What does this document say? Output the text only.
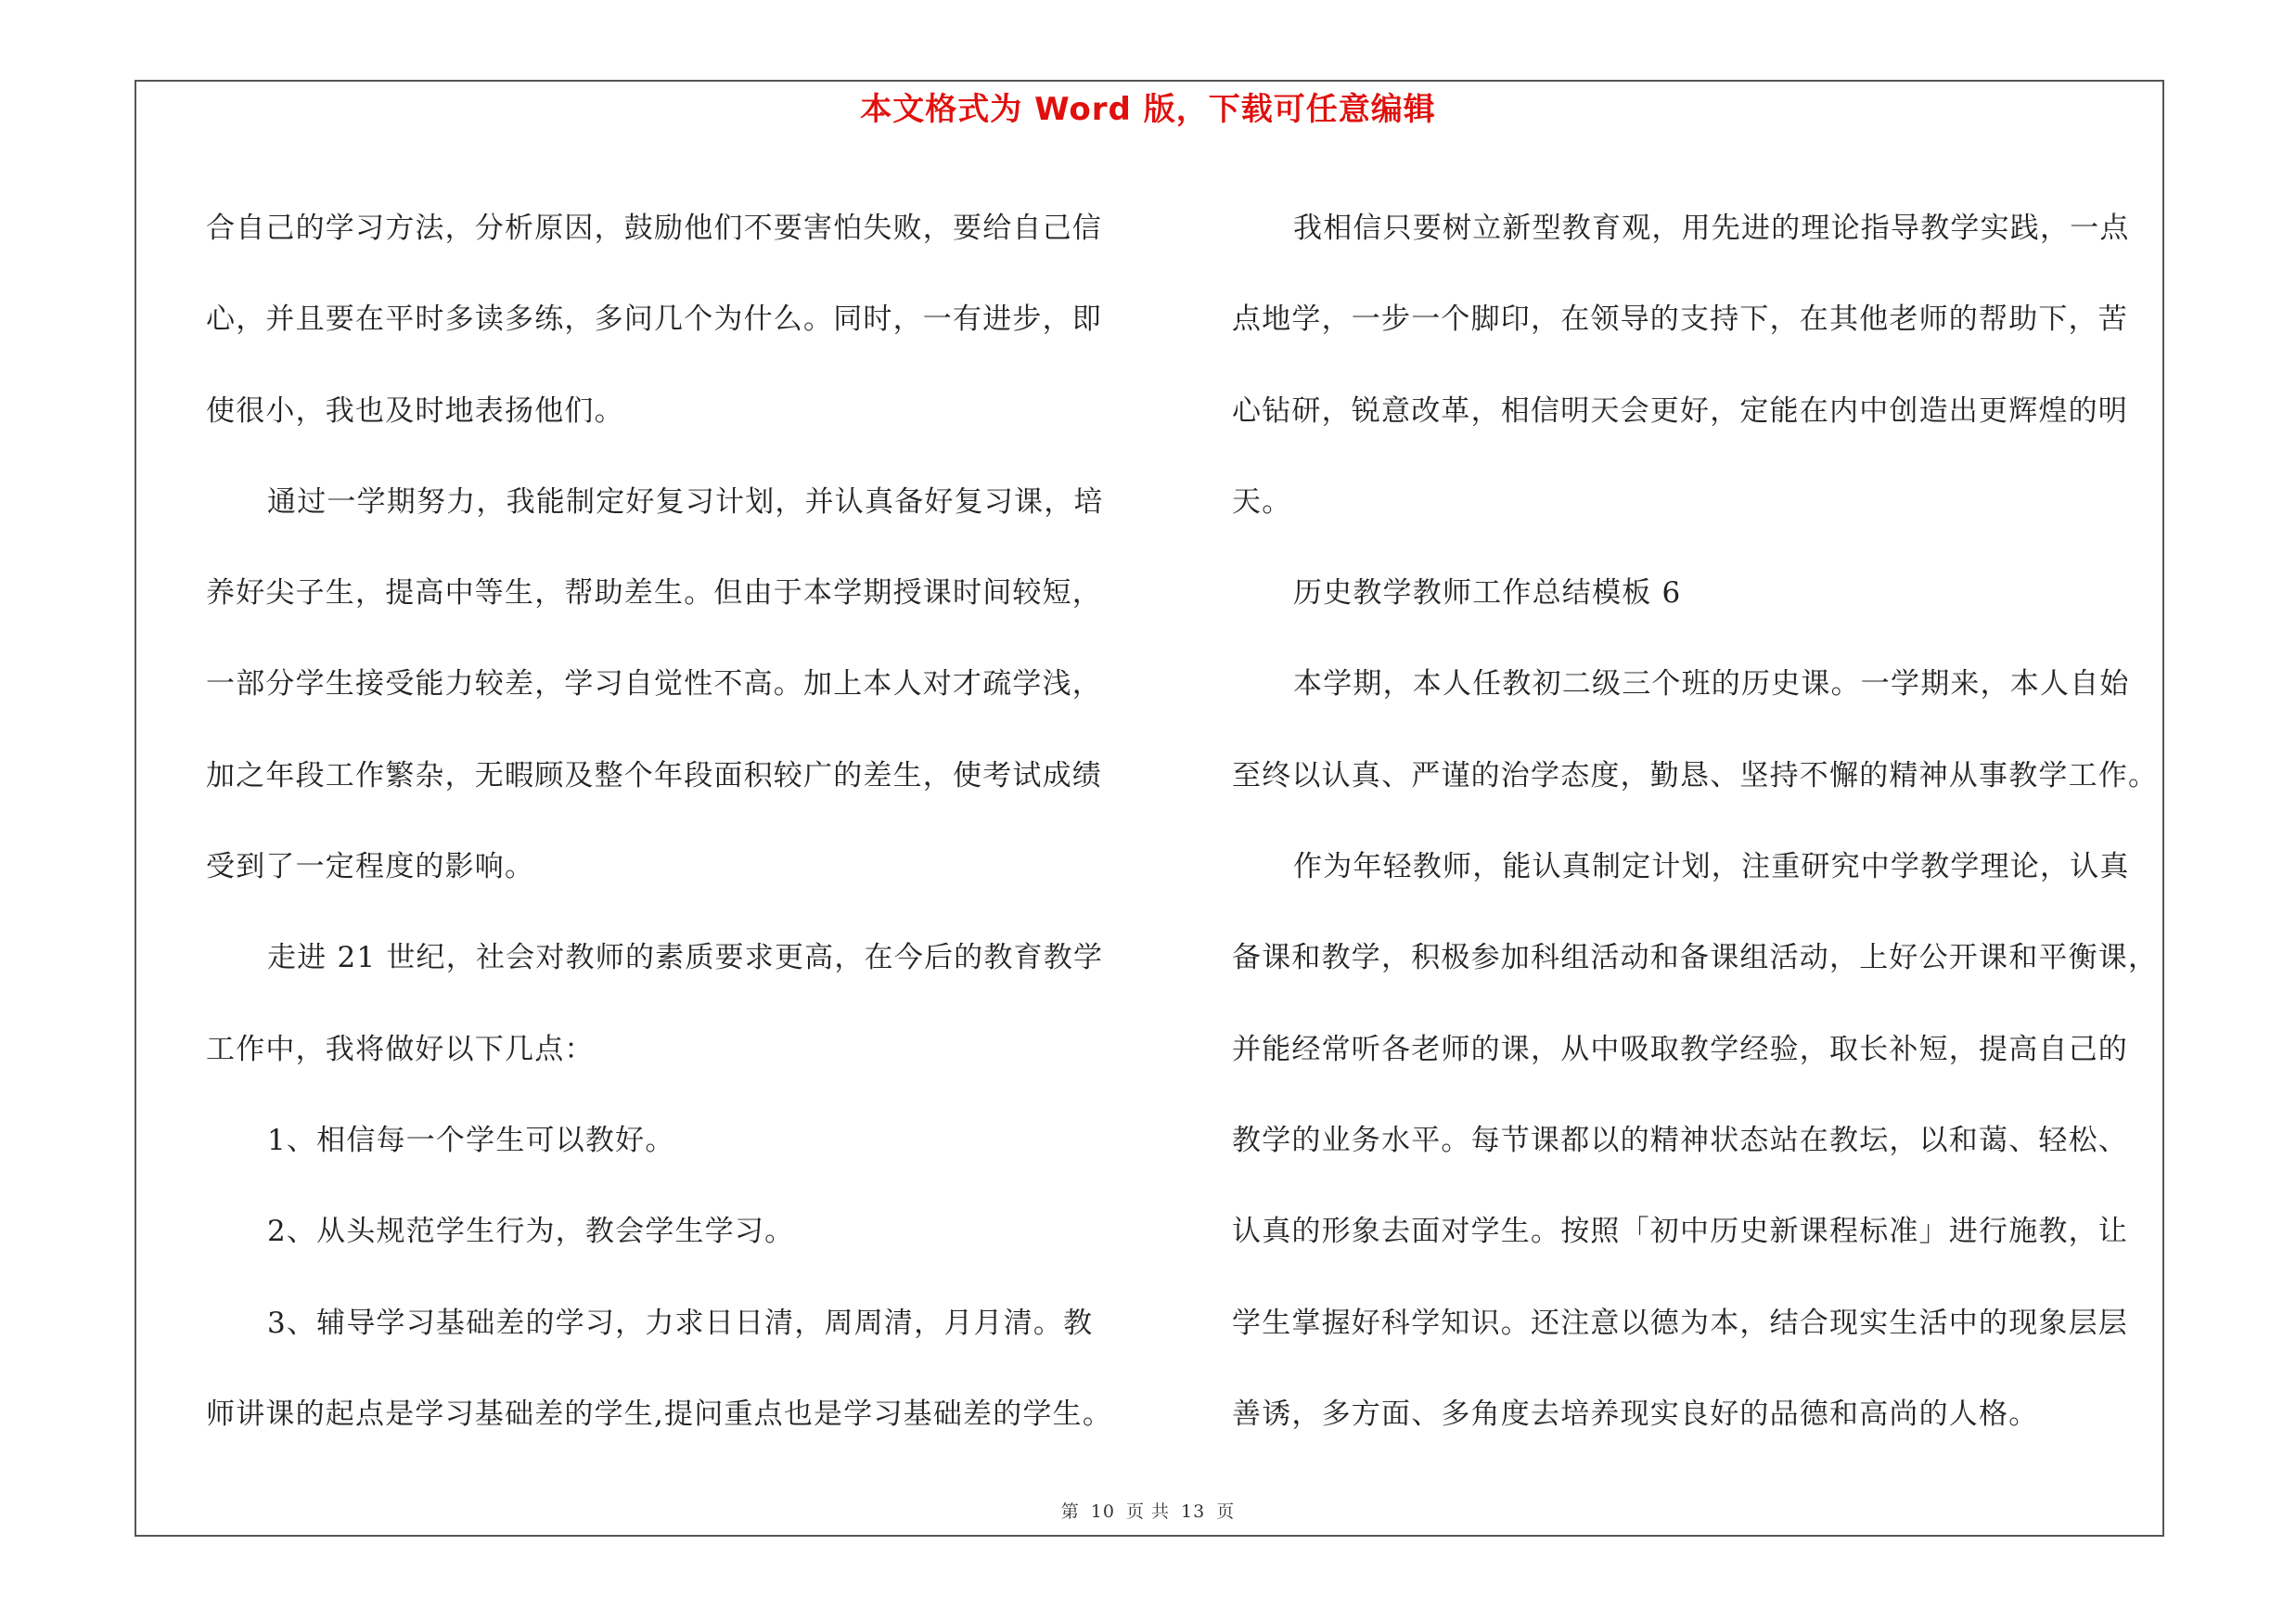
本文格式为 Word 版，下载可任意编辑
合自己的学习方法，分析原因，鼓励他们不要害怕失败，要给自己信
心，并且要在平时多读多练，多问几个为什么。同时，一有进步，即
使很小，我也及时地表扬他们。
通过一学期努力，我能制定好复习计划，并认真备好复习课，培
养好尖子生，提高中等生，帮助差生。但由于本学期授课时间较短，
一部分学生接受能力较差，学习自觉性不高。加上本人对才疏学浅，
加之年段工作繁杂，无暇顾及整个年段面积较广的差生，使考试成绩
受到了一定程度的影响。
走进 21 世纪，社会对教师的素质要求更高，在今后的教育教学
工作中，我将做好以下几点：
1、相信每一个学生可以教好。
2、从头规范学生行为，教会学生学习。
3、辅导学习基础差的学习，力求日日清，周周清，月月清。教
师讲课的起点是学习基础差的学生,提问重点也是学习基础差的学生。
我相信只要树立新型教育观，用先进的理论指导教学实践，一点
点地学，一步一个脚印，在领导的支持下，在其他老师的帮助下，苦
心钻研，锐意改革，相信明天会更好，定能在内中创造出更辉煌的明
天。
历史教学教师工作总结模板 6
本学期，本人任教初二级三个班的历史课。一学期来，本人自始
至终以认真、严谨的治学态度，勤恳、坚持不懈的精神从事教学工作。
作为年轻教师，能认真制定计划，注重研究中学教学理论，认真
备课和教学，积极参加科组活动和备课组活动，上好公开课和平衡课，
并能经常听各老师的课，从中吸取教学经验，取长补短，提高自己的
教学的业务水平。每节课都以的精神状态站在教坛，以和蔼、轻松、
认真的形象去面对学生。按照「初中历史新课程标准」进行施教，让
学生掌握好科学知识。还注意以德为本，结合现实生活中的现象层层
善诱，多方面、多角度去培养现实良好的品德和高尚的人格。
第 10 页 共 13 页
